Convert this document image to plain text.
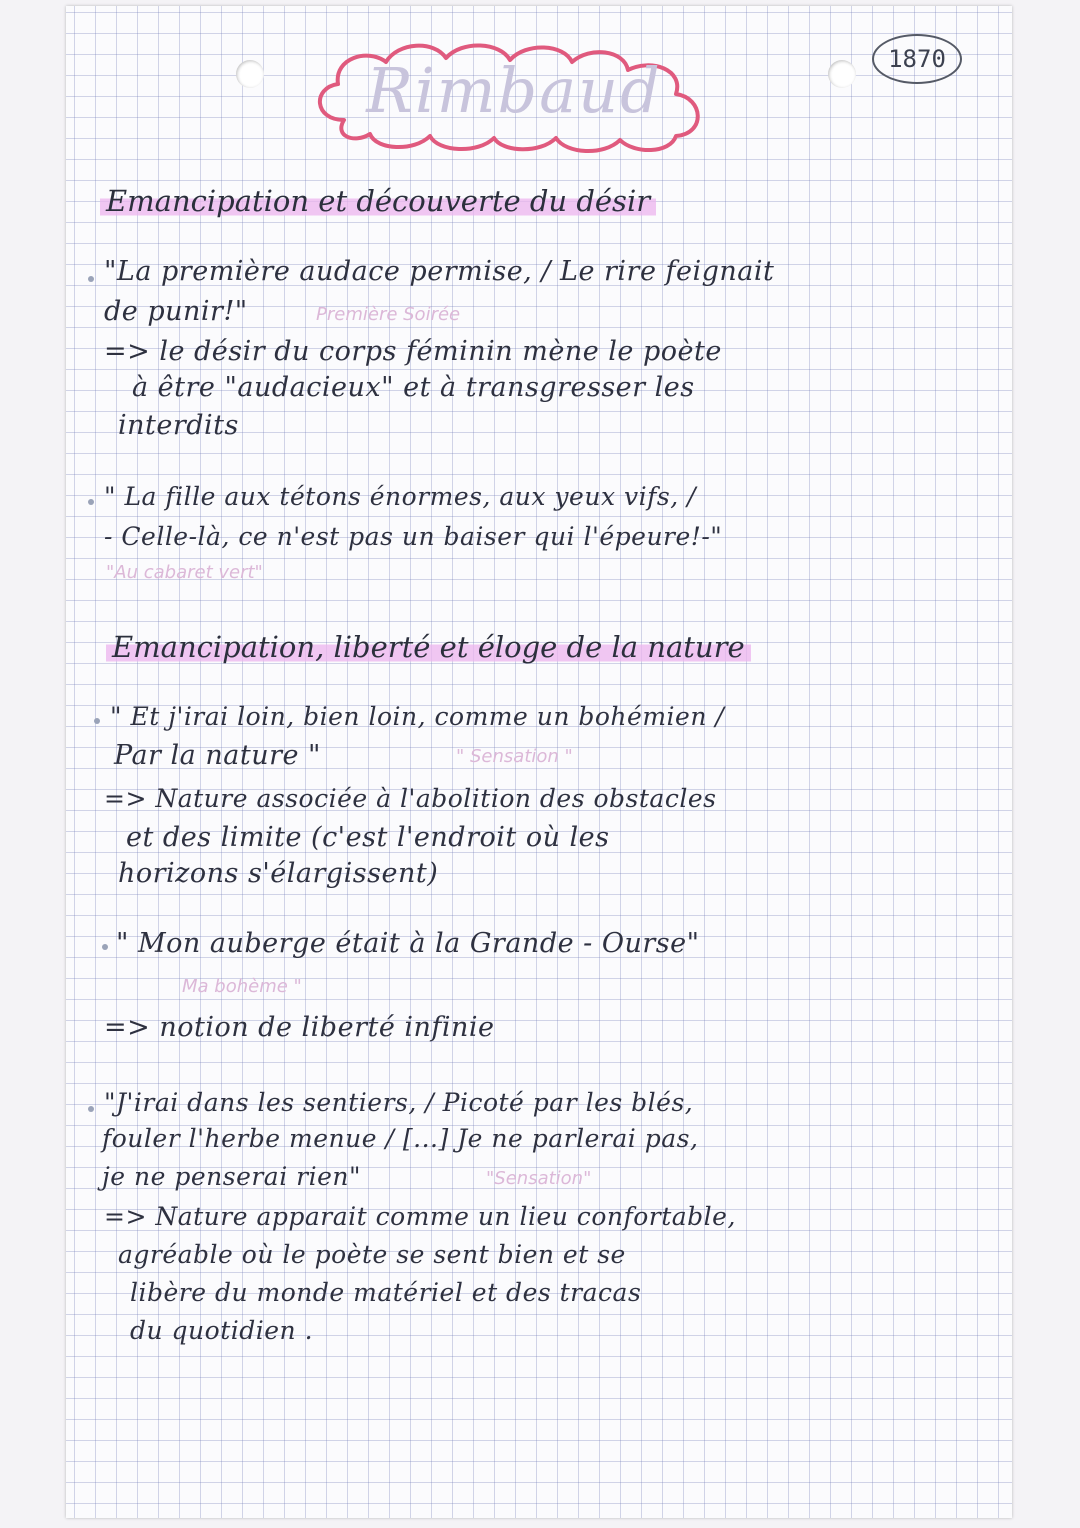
Rimbaud	1870
Emancipation et découverte du désir
"La première audace permise, / Le rire feignait
de punir!"	Première Soirée
=> le désir du corps féminin mène le poète
à être "audacieux" et à transgresser les
interdits
" La fille aux tétons énormes, aux yeux vifs, /
- Celle-là, ce n'est pas un baiser qui l'épeure!-"
"Au cabaret vert"
Emancipation, liberté et éloge de la nature
" Et j'irai loin, bien loin, comme un bohémien /
Par la nature "	" Sensation "
=> Nature associée à l'abolition des obstacles
et des limite (c'est l'endroit où les
horizons s'élargissent)
" Mon auberge était à la Grande - Ourse"
Ma bohème "
=> notion de liberté infinie
"J'irai dans les sentiers, / Picoté par les blés,
fouler l'herbe menue / [...] Je ne parlerai pas,
je ne penserai rien"	"Sensation"
=> Nature apparait comme un lieu confortable,
agréable où le poète se sent bien et se
libère du monde matériel et des tracas
du quotidien .
